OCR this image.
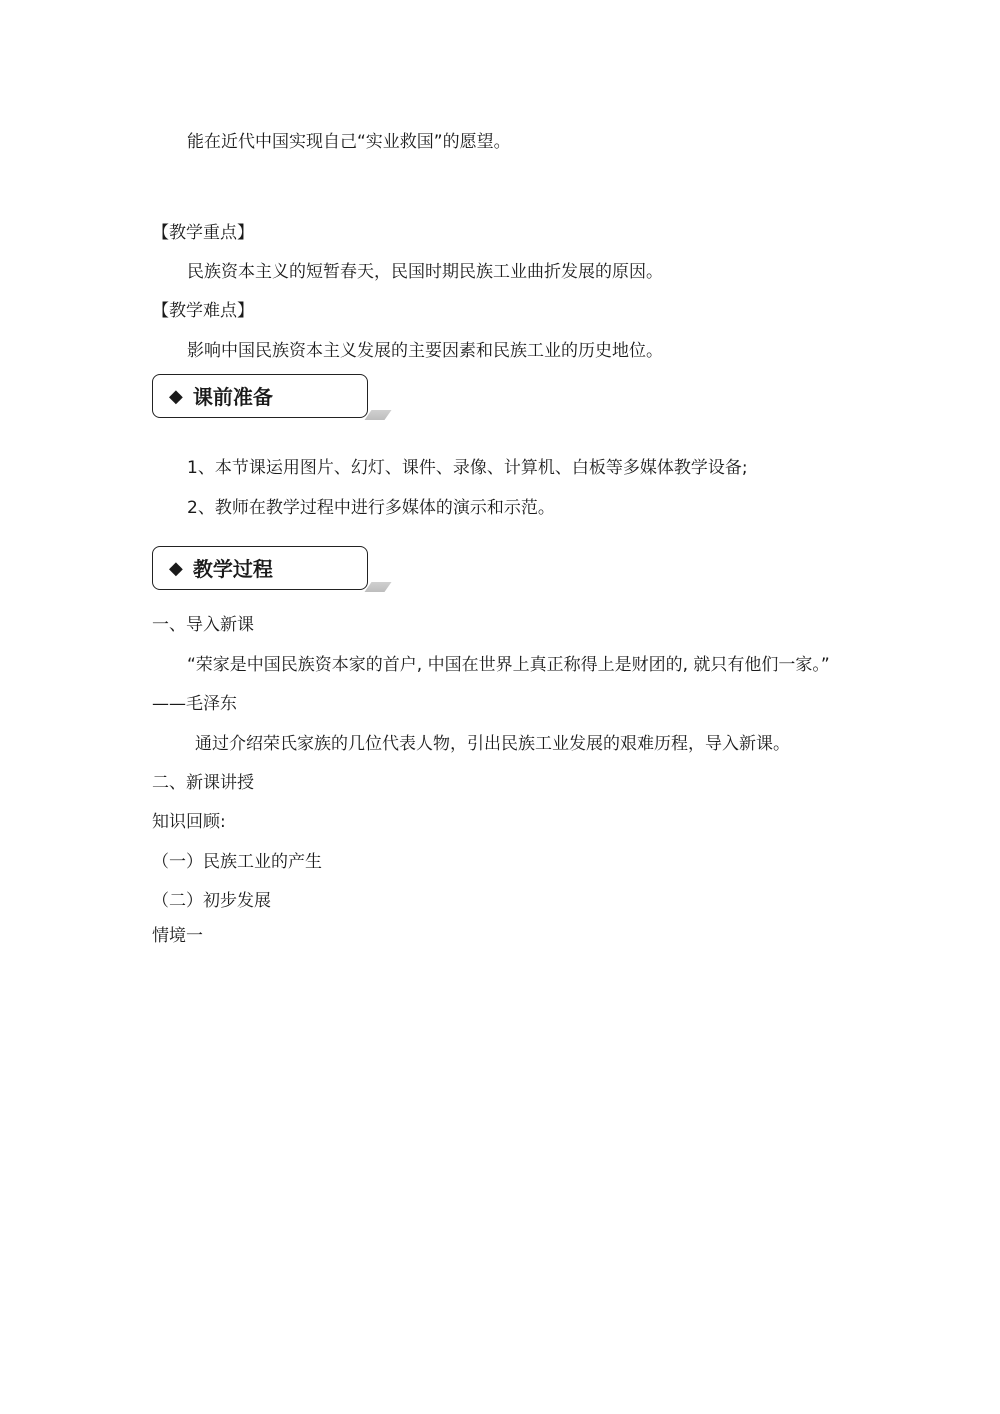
能在近代中国实现自己“实业救国”的愿望。
【教学重点】
民族资本主义的短暂春天，民国时期民族工业曲折发展的原因。
【教学难点】
影响中国民族资本主义发展的主要因素和民族工业的历史地位。
◆ 课前准备
1、本节课运用图片、幻灯、课件、录像、计算机、白板等多媒体教学设备;
2、教师在教学过程中进行多媒体的演示和示范。
◆ 教学过程
一、导入新课
“荣家是中国民族资本家的首户, 中国在世界上真正称得上是财团的, 就只有他们一家。”
——毛泽东
通过介绍荣氏家族的几位代表人物，引出民族工业发展的艰难历程，导入新课。
二、新课讲授
知识回顾:
（一）民族工业的产生
（二）初步发展
情境一
